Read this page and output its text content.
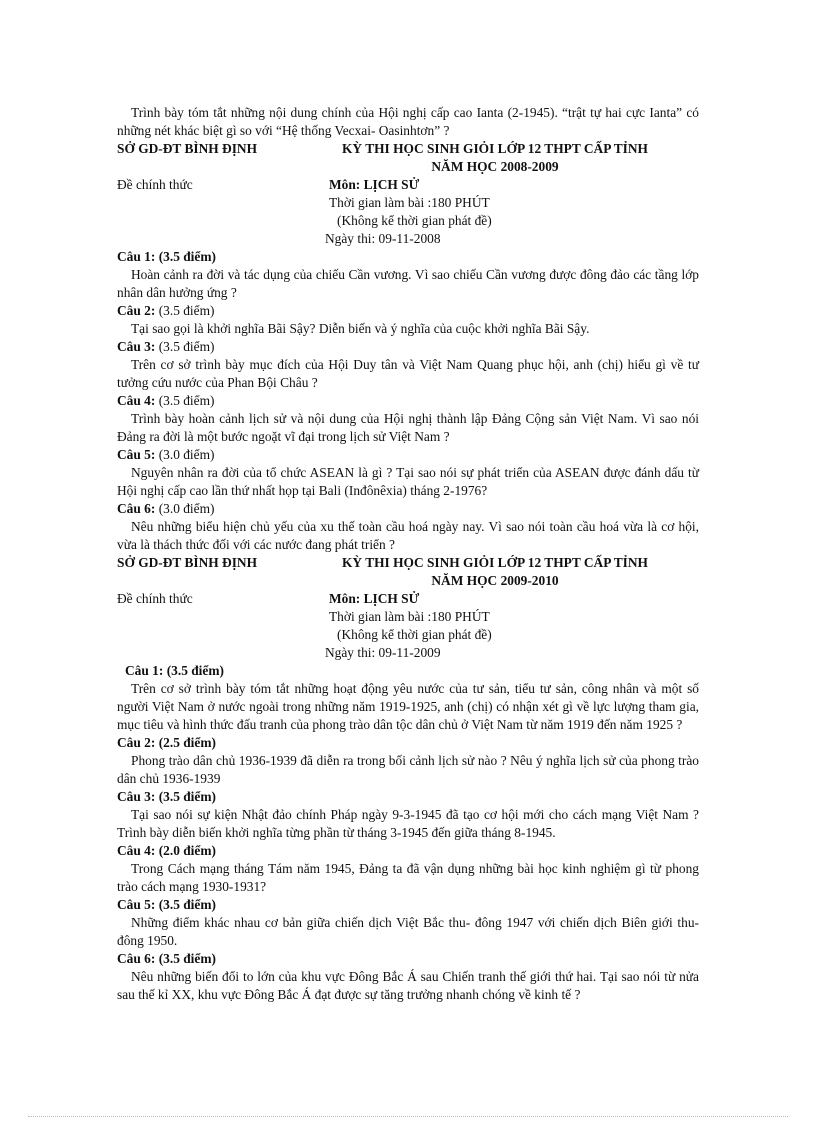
Trình bày tóm tắt những nội dung chính của Hội nghị cấp cao Ianta (2-1945). “trật tự hai cực Ianta” có những nét khác biệt gì so với “Hệ thống Vecxai- Oasinhtơn” ?

SỞ GD-ĐT BÌNH ĐỊNH	KỲ THI HỌC SINH GIỎI LỚP 12 THPT CẤP TỈNH
NĂM HỌC 2008-2009
Đề chính thức	Môn: LỊCH SỬ
Thời gian làm bài :180 PHÚT
(Không kể thời gian phát đề)
Ngày thi: 09-11-2008
Câu 1: (3.5 điểm)

Hoàn cảnh ra đời và tác dụng của chiếu Cần vương. Vì sao chiếu Cần vương được đông đảo các tầng lớp nhân dân hưởng ứng ?

Câu 2: (3.5 điểm)

Tại sao gọi là khởi nghĩa Bãi Sậy? Diễn biến và ý nghĩa của cuộc khởi nghĩa Bãi Sậy.

Câu 3: (3.5 điểm)

Trên cơ sở trình bày mục đích của Hội Duy tân và Việt Nam Quang phục hội, anh (chị) hiểu gì về tư tưởng cứu nước của Phan Bội Châu ?

Câu 4: (3.5 điểm)

Trình bày hoàn cảnh lịch sử và nội dung của Hội nghị thành lập Đảng Cộng sản Việt Nam. Vì sao nói Đảng ra đời là một bước ngoặt vĩ đại trong lịch sử Việt Nam ?

Câu 5: (3.0 điểm)

Nguyên nhân ra đời của tổ chức ASEAN là gì ? Tại sao nói sự phát triển của ASEAN được đánh dấu từ Hội nghị cấp cao lần thứ nhất họp tại Bali (Inđônêxia) tháng 2-1976?

Câu 6: (3.0 điểm)

Nêu những biểu hiện chủ yếu của xu thế toàn cầu hoá ngày nay. Vì sao nói toàn cầu hoá vừa là cơ hội, vừa là thách thức đối với các nước đang phát triển ?

SỞ GD-ĐT BÌNH ĐỊNH	KỲ THI HỌC SINH GIỎI LỚP 12 THPT CẤP TỈNH
NĂM HỌC 2009-2010
Đề chính thức	Môn: LỊCH SỬ
Thời gian làm bài :180 PHÚT
(Không kể thời gian phát đề)
Ngày thi: 09-11-2009
Câu 1: (3.5 điểm)

Trên cơ sở trình bày tóm tắt những hoạt động yêu nước của tư sản, tiểu tư sản, công nhân và một số người Việt Nam ở nước ngoài trong những năm 1919-1925, anh (chị) có nhận xét gì về lực lượng tham gia, mục tiêu và hình thức đấu tranh của phong trào dân tộc dân chủ ở Việt Nam từ năm 1919 đến năm 1925 ?

Câu 2: (2.5 điểm)

Phong trào dân chủ 1936-1939 đã diễn ra trong bối cảnh lịch sử nào ? Nêu ý nghĩa lịch sử của phong trào dân chủ 1936-1939

Câu 3: (3.5 điểm)

Tại sao nói sự kiện Nhật đảo chính Pháp ngày 9-3-1945 đã tạo cơ hội mới cho cách mạng Việt Nam ? Trình bày diễn biến khởi nghĩa từng phần từ tháng 3-1945 đến giữa tháng 8-1945.

Câu 4: (2.0 điểm)

Trong Cách mạng tháng Tám năm 1945, Đảng ta đã vận dụng những bài học kinh nghiệm gì từ phong trào cách mạng 1930-1931?

Câu 5: (3.5 điểm)

Những điểm khác nhau cơ bản giữa chiến dịch Việt Bắc thu- đông 1947 với chiến dịch Biên giới thu- đông 1950.

Câu 6: (3.5 điểm)

Nêu những biến đổi to lớn của khu vực Đông Bắc Á sau Chiến tranh thế giới thứ hai. Tại sao nói từ nửa sau thế kỉ XX, khu vực Đông Bắc Á đạt được sự tăng trưởng nhanh chóng về kinh tế ?
